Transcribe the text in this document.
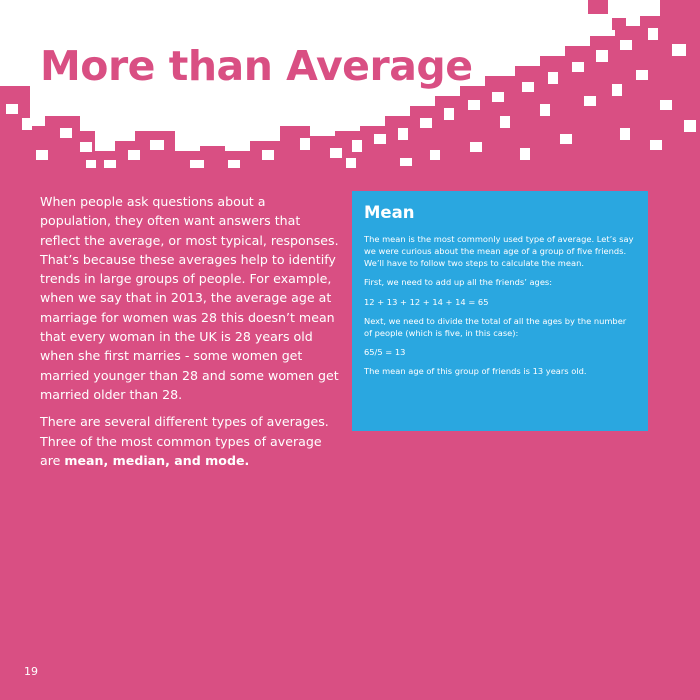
More than Average

When people ask questions about a population, they often want answers that reflect the average, or most typical, responses. That’s because these averages help to identify trends in large groups of people. For example, when we say that in 2013, the average age at marriage for women was 28 this doesn’t mean that every woman in the UK is 28 years old when she first marries - some women get married younger than 28 and some women get married older than 28.

There are several different types of averages. Three of the most common types of average are mean, median, and mode.

Mean

The mean is the most commonly used type of average. Let’s say we were curious about the mean age of a group of five friends. We’ll have to follow two steps to calculate the mean.

First, we need to add up all the friends’ ages:

12 + 13 + 12 + 14 + 14 = 65

Next, we need to divide the total of all the ages by the number of people (which is five, in this case):

65/5 = 13

The mean age of this group of friends is 13 years old.

19
